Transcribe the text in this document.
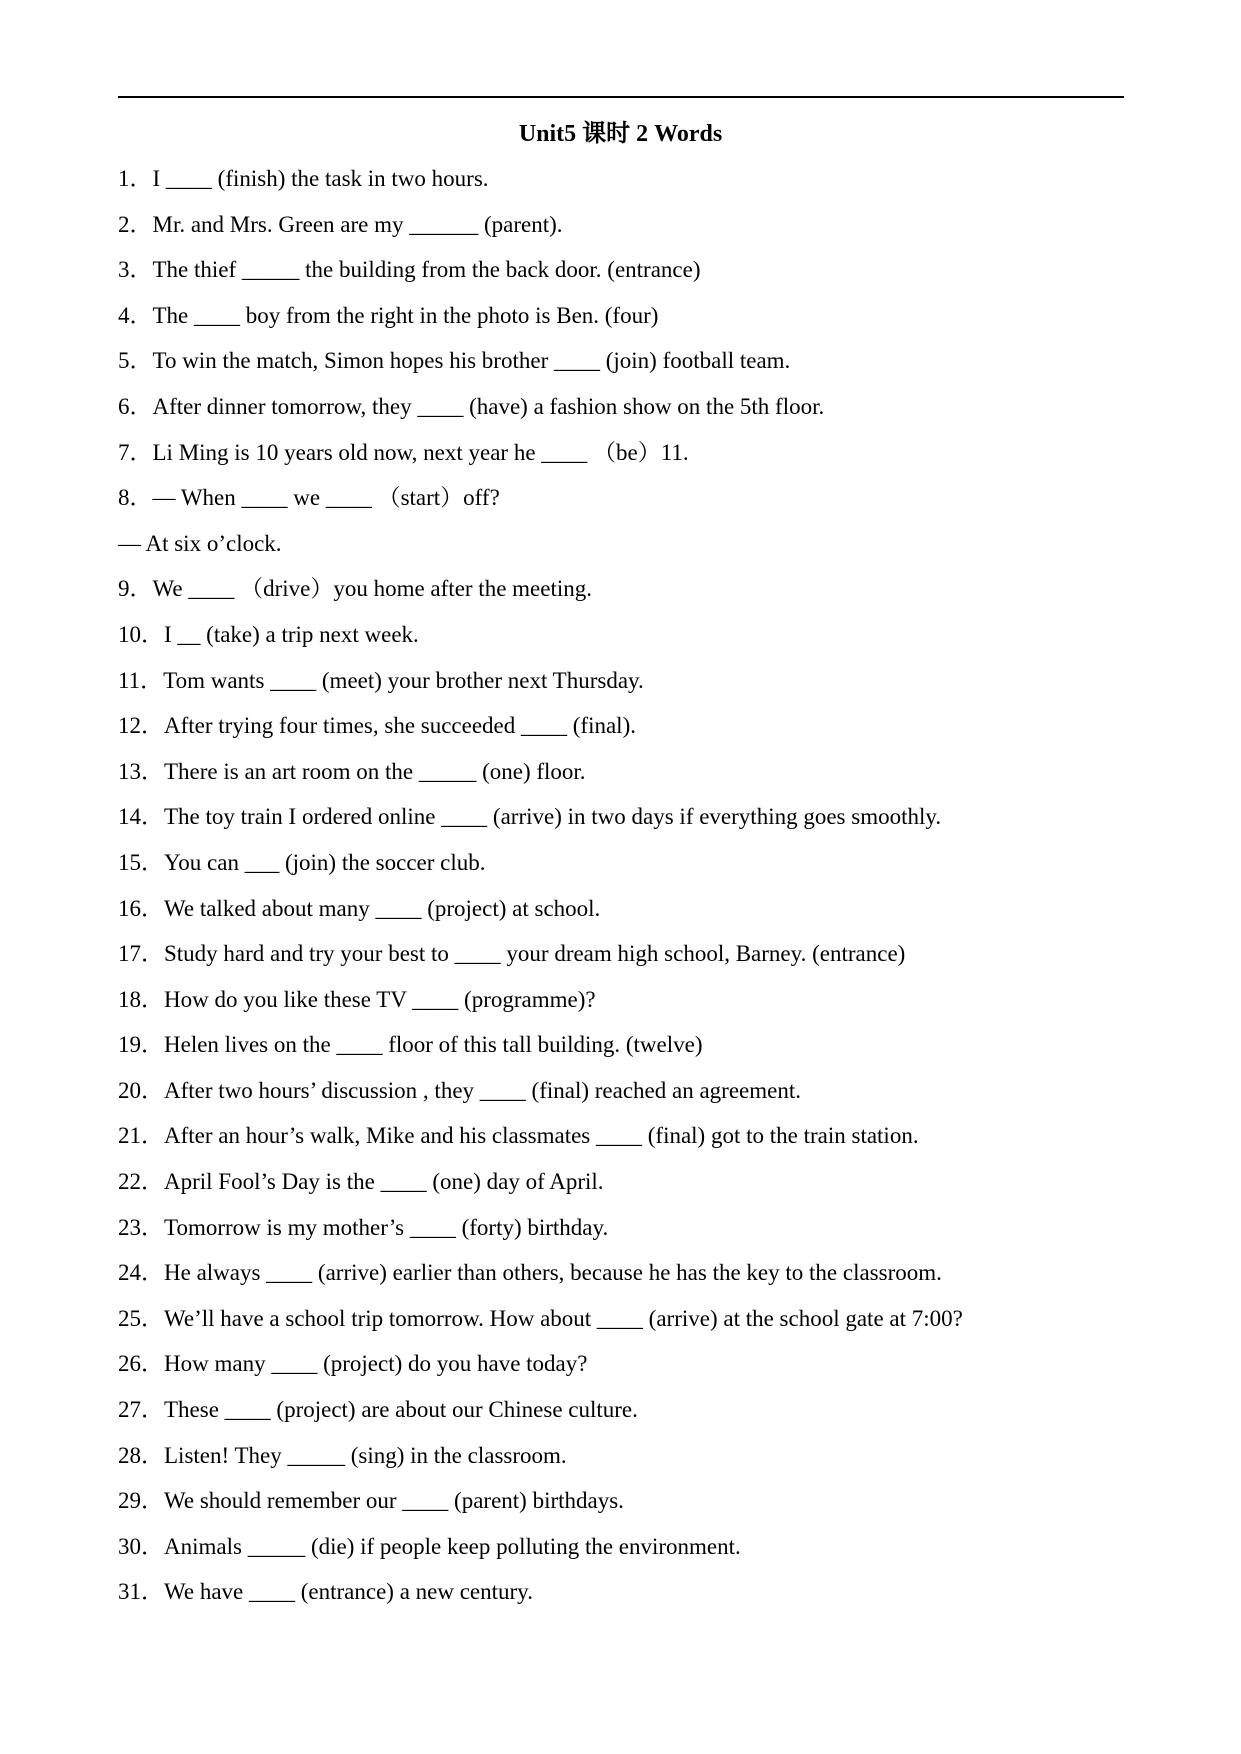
Unit5 课时 2 Words
1．I ____ (finish) the task in two hours.
2．Mr. and Mrs. Green are my ______ (parent).
3．The thief _____ the building from the back door. (entrance)
4．The ____ boy from the right in the photo is Ben. (four)
5．To win the match, Simon hopes his brother ____ (join) football team.
6．After dinner tomorrow, they ____ (have) a fashion show on the 5th floor.
7．Li Ming is 10 years old now, next year he ____ （be）11.
8．— When ____ we ____ （start）off?
— At six o’clock.
9．We ____ （drive）you home after the meeting.
10．I __ (take) a trip next week.
11．Tom wants ____ (meet) your brother next Thursday.
12．After trying four times, she succeeded ____ (final).
13．There is an art room on the _____ (one) floor.
14．The toy train I ordered online ____ (arrive) in two days if everything goes smoothly.
15．You can ___ (join) the soccer club.
16．We talked about many ____ (project) at school.
17．Study hard and try your best to ____ your dream high school, Barney. (entrance)
18．How do you like these TV ____ (programme)?
19．Helen lives on the ____ floor of this tall building. (twelve)
20．After two hours’ discussion , they ____ (final) reached an agreement.
21．After an hour’s walk, Mike and his classmates ____ (final) got to the train station.
22．April Fool’s Day is the ____ (one) day of April.
23．Tomorrow is my mother’s ____ (forty) birthday.
24．He always ____ (arrive) earlier than others, because he has the key to the classroom.
25．We’ll have a school trip tomorrow. How about ____ (arrive) at the school gate at 7:00?
26．How many ____ (project) do you have today?
27．These ____ (project) are about our Chinese culture.
28．Listen! They _____ (sing) in the classroom.
29．We should remember our ____ (parent) birthdays.
30．Animals _____ (die) if people keep polluting the environment.
31．We have ____ (entrance) a new century.
